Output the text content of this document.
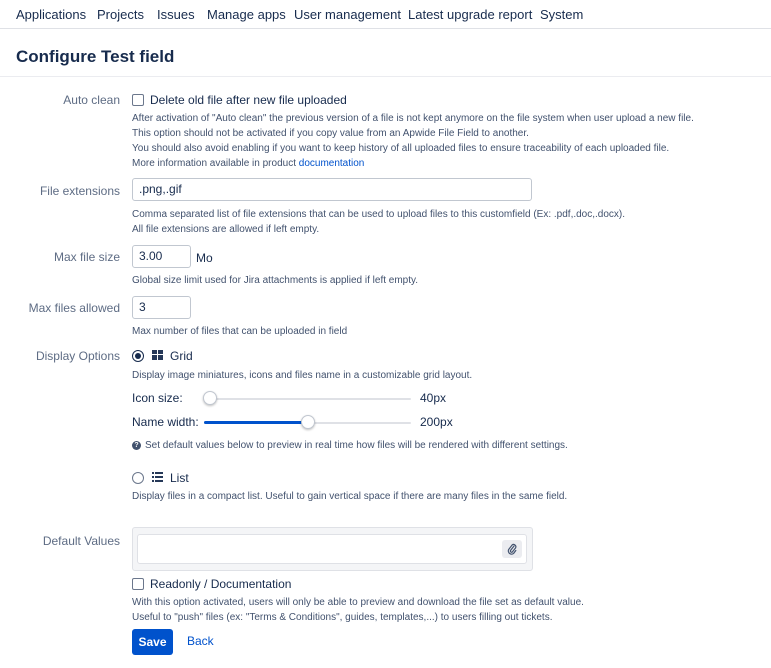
Applications Projects Issues Manage apps User management Latest upgrade report System
Configure Test field
Auto clean	Delete old file after new file uploaded
After activation of "Auto clean" the previous version of a file is not kept anymore on the file system when user upload a new file.
This option should not be activated if you copy value from an Apwide File Field to another.
You should also avoid enabling if you want to keep history of all uploaded files to ensure traceability of each uploaded file.
More information available in product documentation
File extensions	.png,.gif
Comma separated list of file extensions that can be used to upload files to this customfield (Ex: .pdf,.doc,.docx).
All file extensions are allowed if left empty.
Max file size	3.00	Mo
Global size limit used for Jira attachments is applied if left empty.
Max files allowed	3
Max number of files that can be uploaded in field
Display Options	Grid
Display image miniatures, icons and files name in a customizable grid layout.
Icon size:	40px
Name width:	200px
? Set default values below to preview in real time how files will be rendered with different settings.
List
Display files in a compact list. Useful to gain vertical space if there are many files in the same field.
Default Values
Readonly / Documentation
With this option activated, users will only be able to preview and download the file set as default value.
Useful to "push" files (ex: "Terms & Conditions", guides, templates,...) to users filling out tickets.
Save	Back
